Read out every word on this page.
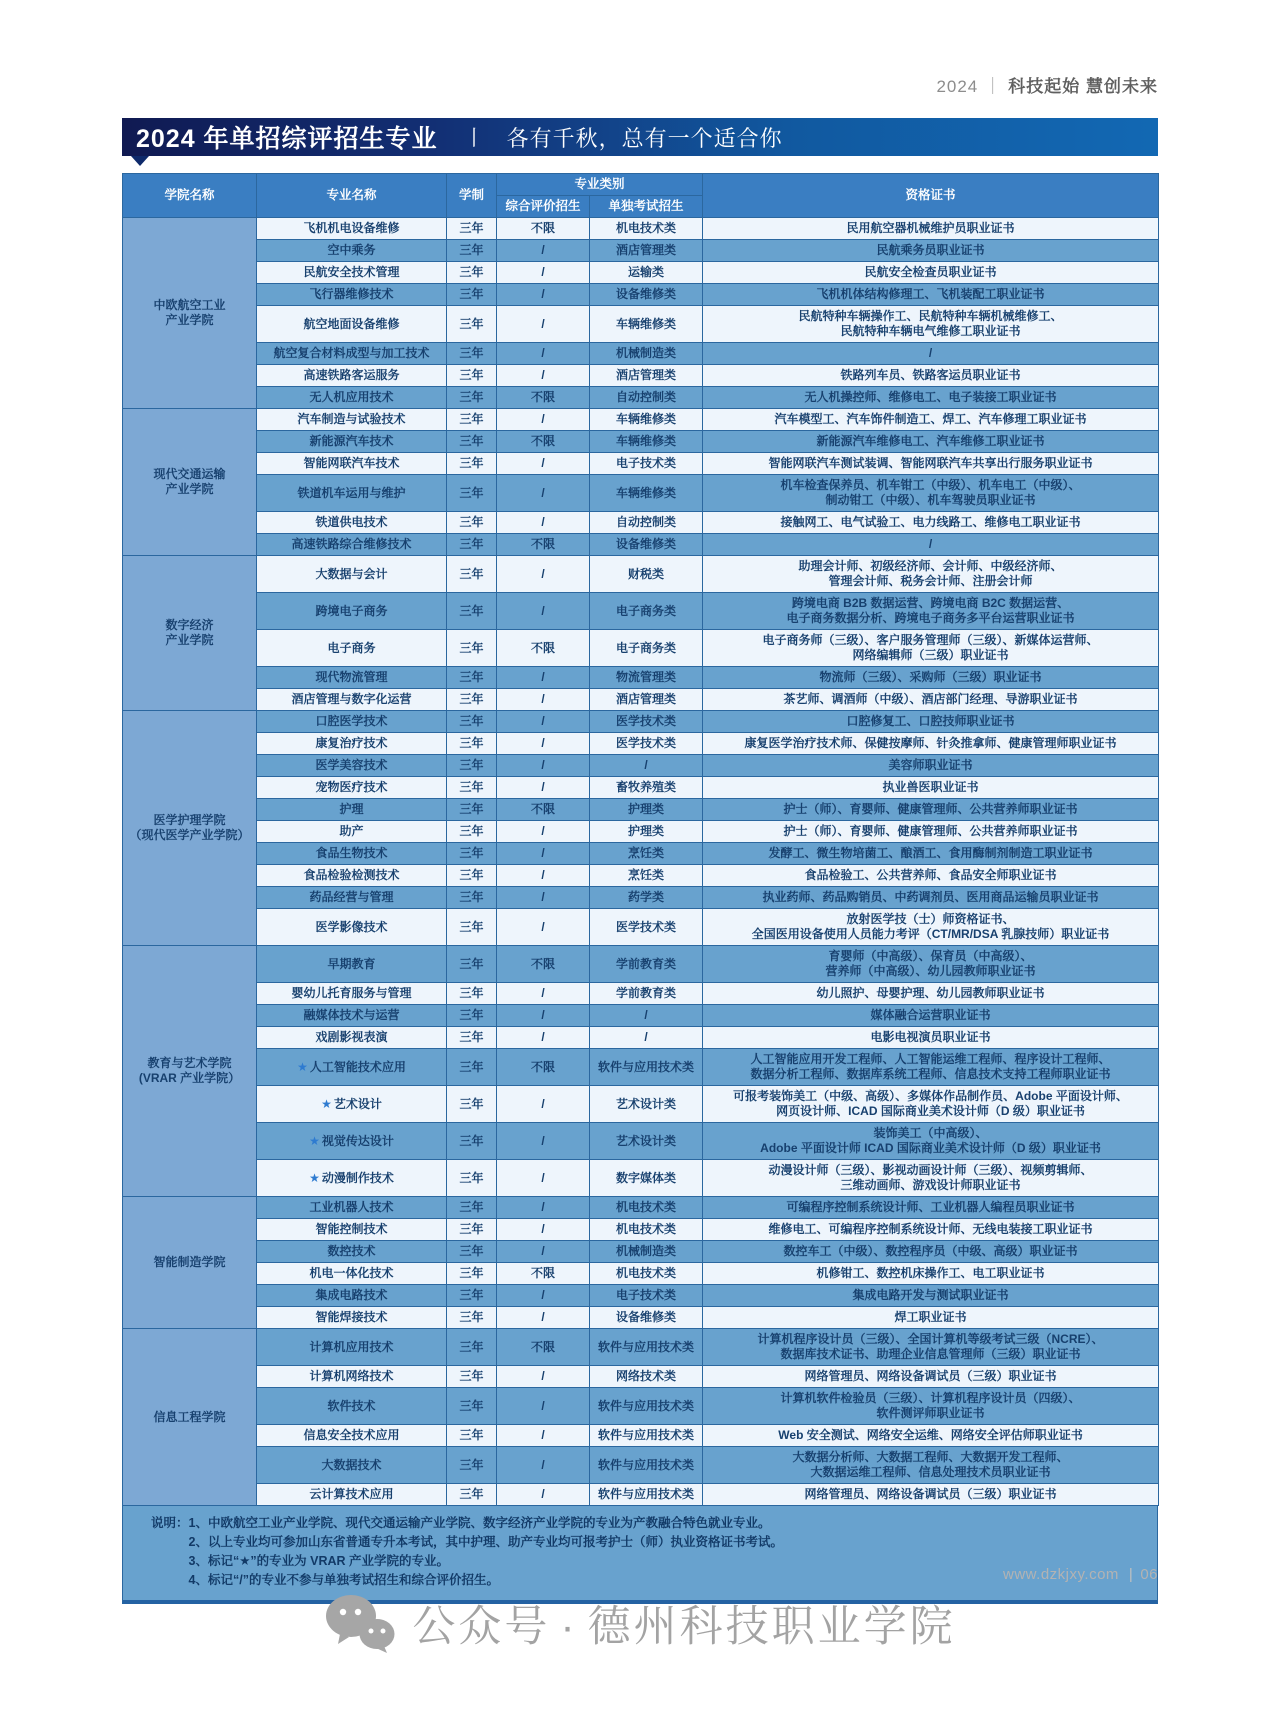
2024 ｜ 科技起始 慧创未来
2024 年单招综评招生专业 丨 各有千秋，总有一个适合你
学院名称	专业名称	学制	专业类别		资格证书
			综合评价招生	单独考试招生	

中欧航空工业
产业学院	飞机机电设备维修	三年	不限	机电技术类	民用航空器机械维护员职业证书

	空中乘务	三年	/	酒店管理类	民航乘务员职业证书

	民航安全技术管理	三年	/	运输类	民航安全检查员职业证书

	飞行器维修技术	三年	/	设备维修类	飞机机体结构修理工、飞机装配工职业证书

	航空地面设备维修	三年	/	车辆维修类	民航特种车辆操作工、民航特种车辆机械维修工、
民航特种车辆电气维修工职业证书

	航空复合材料成型与加工技术	三年	/	机械制造类	/

	高速铁路客运服务	三年	/	酒店管理类	铁路列车员、铁路客运员职业证书

	无人机应用技术	三年	不限	自动控制类	无人机操控师、维修电工、电子装接工职业证书

现代交通运输
产业学院	汽车制造与试验技术	三年	/	车辆维修类	汽车模型工、汽车饰件制造工、焊工、汽车修理工职业证书

	新能源汽车技术	三年	不限	车辆维修类	新能源汽车维修电工、汽车维修工职业证书

	智能网联汽车技术	三年	/	电子技术类	智能网联汽车测试装调、智能网联汽车共享出行服务职业证书

	铁道机车运用与维护	三年	/	车辆维修类	机车检查保养员、机车钳工（中级）、机车电工（中级）、
制动钳工（中级）、机车驾驶员职业证书

	铁道供电技术	三年	/	自动控制类	接触网工、电气试验工、电力线路工、维修电工职业证书

	高速铁路综合维修技术	三年	不限	设备维修类	/

数字经济
产业学院
	大数据与会计	三年	/	财税类	
助理会计师、初级经济师、会计师、中级经济师、
管理会计师、税务会计师、注册会计师

	跨境电子商务	三年	/	电子商务类	跨境电商 B2B 数据运营、跨境电商 B2C 数据运营、
电子商务数据分析、跨境电子商务多平台运营职业证书

	电子商务	三年	不限	电子商务类	电子商务师（三级）、客户服务管理师（三级）、新媒体运营师、
网络编辑师（三级）职业证书

	现代物流管理	三年	/	物流管理类	物流师（三级）、采购师（三级）职业证书

	酒店管理与数字化运营	三年	/	酒店管理类	茶艺师、调酒师（中级）、酒店部门经理、导游职业证书

医学护理学院
（现代医学产业学院）	口腔医学技术	三年	/	医学技术类	口腔修复工、口腔技师职业证书

	康复治疗技术	三年	/	医学技术类	康复医学治疗技术师、保健按摩师、针灸推拿师、健康管理师职业证书

	医学美容技术	三年	/	/	美容师职业证书

	宠物医疗技术	三年	/	畜牧养殖类	执业兽医职业证书

	护理	三年	不限	护理类	护士（师）、育婴师、健康管理师、公共营养师职业证书

	助产	三年	/	护理类	护士（师）、育婴师、健康管理师、公共营养师职业证书

	食品生物技术	三年	/	烹饪类	发酵工、微生物培菌工、酿酒工、食用酶制剂制造工职业证书

	食品检验检测技术	三年	/	烹饪类	食品检验工、公共营养师、食品安全师职业证书

	药品经营与管理	三年	/	药学类	执业药师、药品购销员、中药调剂员、医用商品运输员职业证书

	医学影像技术	三年	/	医学技术类	放射医学技（士）师资格证书、
全国医用设备使用人员能力考评（CT/MR/DSA 乳腺技师）职业证书

教育与艺术学院
(VRAR 产业学院）
	早期教育	三年	不限	学前教育类	
育婴师（中高级）、保育员（中高级）、
营养师（中高级）、幼儿园教师职业证书

	婴幼儿托育服务与管理	三年	/	学前教育类	幼儿照护、母婴护理、幼儿园教师职业证书

	融媒体技术与运营	三年	/	/	媒体融合运营职业证书

	戏剧影视表演	三年	/	/	电影电视演员职业证书

	★ 人工智能技术应用	三年	不限	软件与应用技术类	人工智能应用开发工程师、人工智能运维工程师、程序设计工程师、
数据分析工程师、数据库系统工程师、信息技术支持工程师职业证书

	★ 艺术设计	三年	/	艺术设计类	可报考装饰美工（中级、高级）、多媒体作品制作员、Adobe 平面设计师、
网页设计师、ICAD 国际商业美术设计师（D 级）职业证书

	★ 视觉传达设计	三年	/	艺术设计类	装饰美工（中高级）、
Adobe 平面设计师 ICAD 国际商业美术设计师（D 级）职业证书

	★ 动漫制作技术	三年	/	数字媒体类	动漫设计师（三级）、影视动画设计师（三级）、视频剪辑师、
三维动画师、游戏设计师职业证书

智能制造学院	工业机器人技术	三年	/	机电技术类	可编程序控制系统设计师、工业机器人编程员职业证书

	智能控制技术	三年	/	机电技术类	维修电工、可编程序控制系统设计师、无线电装接工职业证书

	数控技术	三年	/	机械制造类	数控车工（中级）、数控程序员（中级、高级）职业证书

	机电一体化技术	三年	不限	机电技术类	机修钳工、数控机床操作工、电工职业证书

	集成电路技术	三年	/	电子技术类	集成电路开发与测试职业证书

	智能焊接技术	三年	/	设备维修类	焊工职业证书

信息工程学院	计算机应用技术	三年	不限	软件与应用技术类	计算机程序设计员（三级）、全国计算机等级考试三级（NCRE）、
数据库技术证书、助理企业信息管理师（三级）职业证书

	计算机网络技术	三年	/	网络技术类	网络管理员、网络设备调试员（三级）职业证书

	软件技术	三年	/	软件与应用技术类	计算机软件检验员（三级）、计算机程序设计员（四级）、
软件测评师职业证书

	信息安全技术应用	三年	/	软件与应用技术类	Web 安全测试、网络安全运维、网络安全评估师职业证书

	大数据技术	三年	/	软件与应用技术类	大数据分析师、大数据工程师、大数据开发工程师、
大数据运维工程师、信息处理技术员职业证书

	云计算技术应用	三年	/	软件与应用技术类	网络管理员、网络设备调试员（三级）职业证书
说明： 1、中欧航空工业产业学院、现代交通运输产业学院、数字经济产业学院的专业为产教融合特色就业专业。
2、以上专业均可参加山东省普通专升本考试，其中护理、助产专业均可报考护士（师）执业资格证书考试。
3、标记“★”的专业为 VRAR 产业学院的专业。
4、标记“/”的专业不参与单独考试招生和综合评价招生。	www.dzkjxy.com | 06
公众号 · 德州科技职业学院
